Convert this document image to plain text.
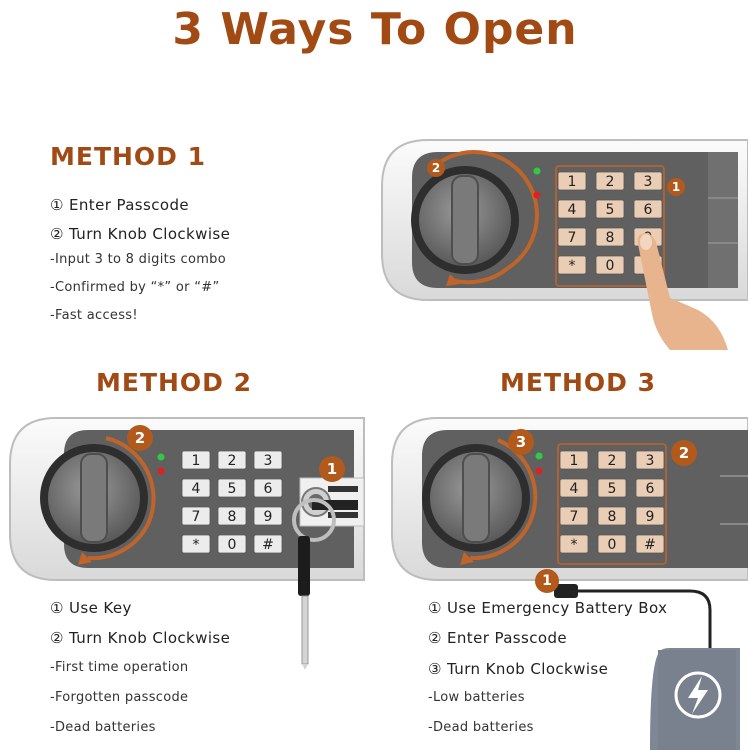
3 Ways To Open
METHOD 1
① Enter Passcode
② Turn Knob Clockwise
-Input 3 to 8 digits combo
-Confirmed by “*” or “#”
-Fast access!
1 2 3
4 5 6
7 8
* 0
2
1
METHOD 2	METHOD 3
1 2 3
4 5 6
7 8 9
* 0 #
2
1	1 2 3
4 5 6
7 8 9
* 0 #
3
2
1
① Use Key
② Turn Knob Clockwise
-First time operation
-Forgotten passcode
-Dead batteries
① Use Emergency Battery Box
② Enter Passcode
③ Turn Knob Clockwise
-Low batteries
-Dead batteries
